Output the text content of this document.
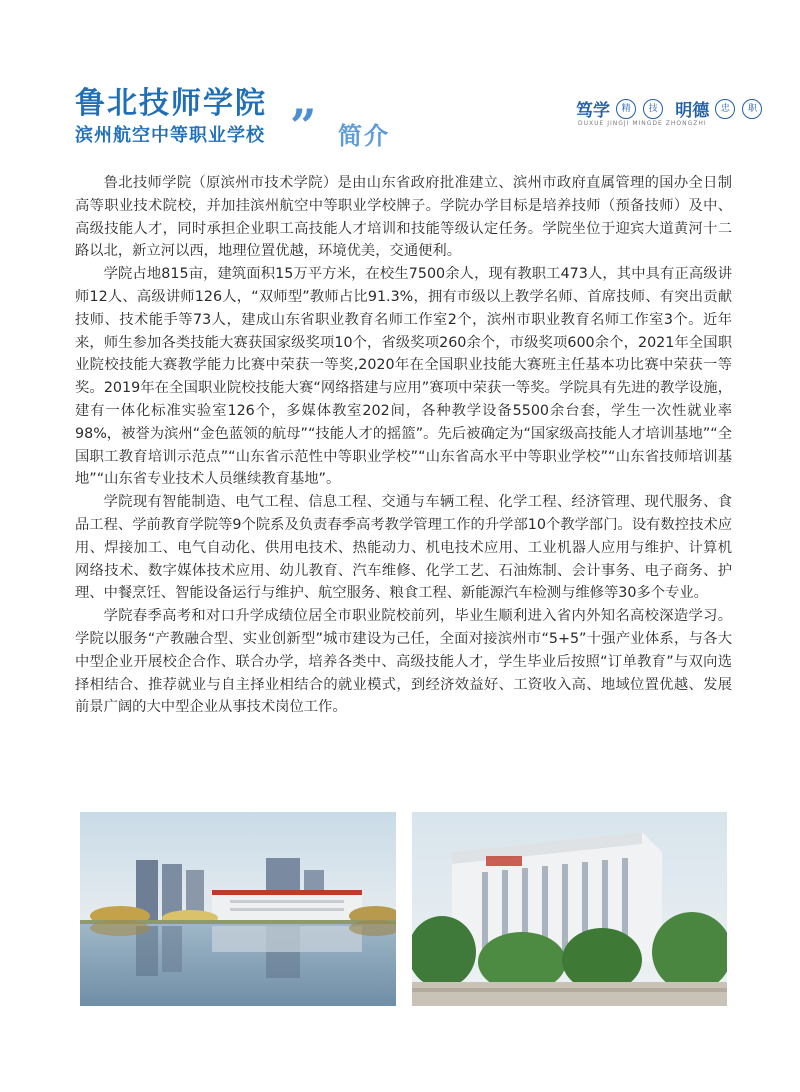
鲁北技师学院
滨州航空中等职业学校 ” 简介
笃学 精 技 明德 忠 职
DUXUE JINGJI MINGDE ZHONGZHI

鲁北技师学院（原滨州市技术学院）是由山东省政府批准建立、滨州市政府直属管理的国办全日制高等职业技术院校，并加挂滨州航空中等职业学校牌子。学院办学目标是培养技师（预备技师）及中、高级技能人才，同时承担企业职工高技能人才培训和技能等级认定任务。学院坐位于迎宾大道黄河十二路以北，新立河以西，地理位置优越，环境优美，交通便利。

学院占地815亩，建筑面积15万平方米，在校生7500余人，现有教职工473人，其中具有正高级讲师12人、高级讲师126人，“双师型”教师占比91.3%，拥有市级以上教学名师、首席技师、有突出贡献技师、技术能手等73人，建成山东省职业教育名师工作室2个，滨州市职业教育名师工作室3个。近年来，师生参加各类技能大赛获国家级奖项10个，省级奖项260余个，市级奖项600余个，2021年全国职业院校技能大赛教学能力比赛中荣获一等奖,2020年在全国职业技能大赛班主任基本功比赛中荣获一等奖。2019年在全国职业院校技能大赛“网络搭建与应用”赛项中荣获一等奖。学院具有先进的教学设施，建有一体化标准实验室126个，多媒体教室202间，各种教学设备5500余台套，学生一次性就业率98%，被誉为滨州“金色蓝领的航母”“技能人才的摇篮”。先后被确定为“国家级高技能人才培训基地”“全国职工教育培训示范点”“山东省示范性中等职业学校”“山东省高水平中等职业学校”“山东省技师培训基地”“山东省专业技术人员继续教育基地”。

学院现有智能制造、电气工程、信息工程、交通与车辆工程、化学工程、经济管理、现代服务、食品工程、学前教育学院等9个院系及负责春季高考教学管理工作的升学部10个教学部门。设有数控技术应用、焊接加工、电气自动化、供用电技术、热能动力、机电技术应用、工业机器人应用与维护、计算机网络技术、数字媒体技术应用、幼儿教育、汽车维修、化学工艺、石油炼制、会计事务、电子商务、护理、中餐烹饪、智能设备运行与维护、航空服务、粮食工程、新能源汽车检测与维修等30多个专业。

学院春季高考和对口升学成绩位居全市职业院校前列，毕业生顺利进入省内外知名高校深造学习。学院以服务“产教融合型、实业创新型”城市建设为己任，全面对接滨州市“5+5”十强产业体系，与各大中型企业开展校企合作、联合办学，培养各类中、高级技能人才，学生毕业后按照“订单教育”与双向选择相结合、推荐就业与自主择业相结合的就业模式，到经济效益好、工资收入高、地域位置优越、发展前景广阔的大中型企业从事技术岗位工作。
